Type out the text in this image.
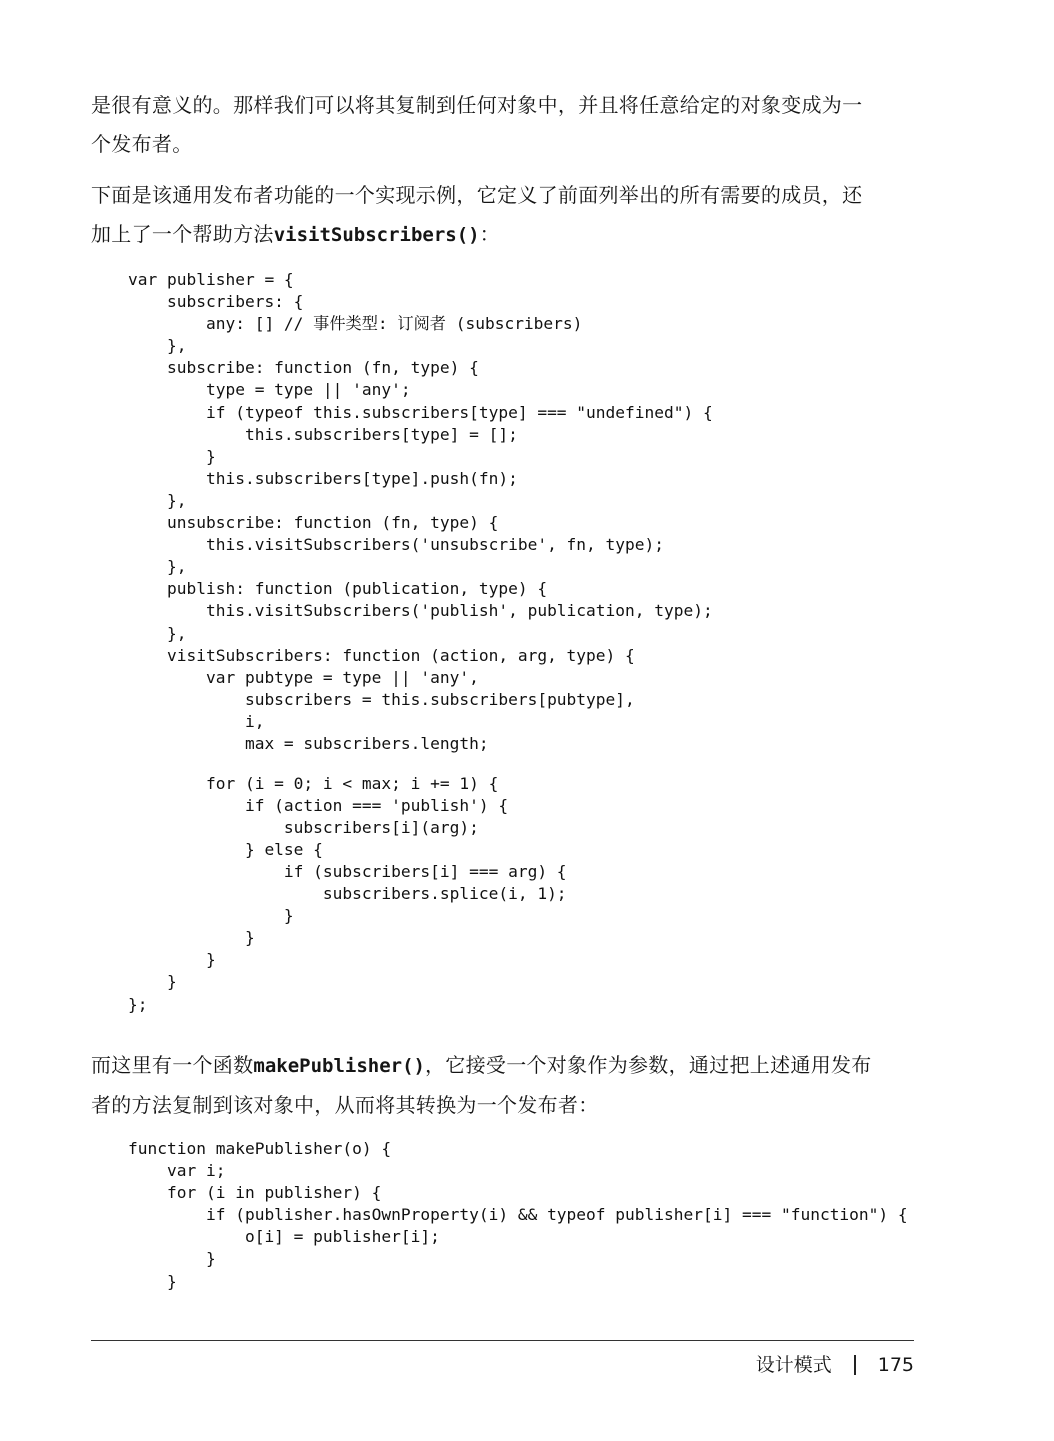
是很有意义的。那样我们可以将其复制到任何对象中，并且将任意给定的对象变成为一
个发布者。
下面是该通用发布者功能的一个实现示例，它定义了前面列举出的所有需要的成员，还
加上了一个帮助方法visitSubscribers()：
var publisher = {
subscribers: {
any: [] // 事件类型: 订阅者 (subscribers)
},
subscribe: function (fn, type) {
type = type || 'any';
if (typeof this.subscribers[type] === "undefined") {
this.subscribers[type] = [];
}
this.subscribers[type].push(fn);
},
unsubscribe: function (fn, type) {
this.visitSubscribers('unsubscribe', fn, type);
},
publish: function (publication, type) {
this.visitSubscribers('publish', publication, type);
},
visitSubscribers: function (action, arg, type) {
var pubtype = type || 'any',
subscribers = this.subscribers[pubtype],
i,
max = subscribers.length;
for (i = 0; i < max; i += 1) {
if (action === 'publish') {
subscribers[i](arg);
} else {
if (subscribers[i] === arg) {
subscribers.splice(i, 1);
}
}
}
}
};
而这里有一个函数makePublisher()，它接受一个对象作为参数，通过把上述通用发布
者的方法复制到该对象中，从而将其转换为一个发布者：
function makePublisher(o) {
var i;
for (i in publisher) {
if (publisher.hasOwnProperty(i) && typeof publisher[i] === "function") {
o[i] = publisher[i];
}
}
设计模式 175
